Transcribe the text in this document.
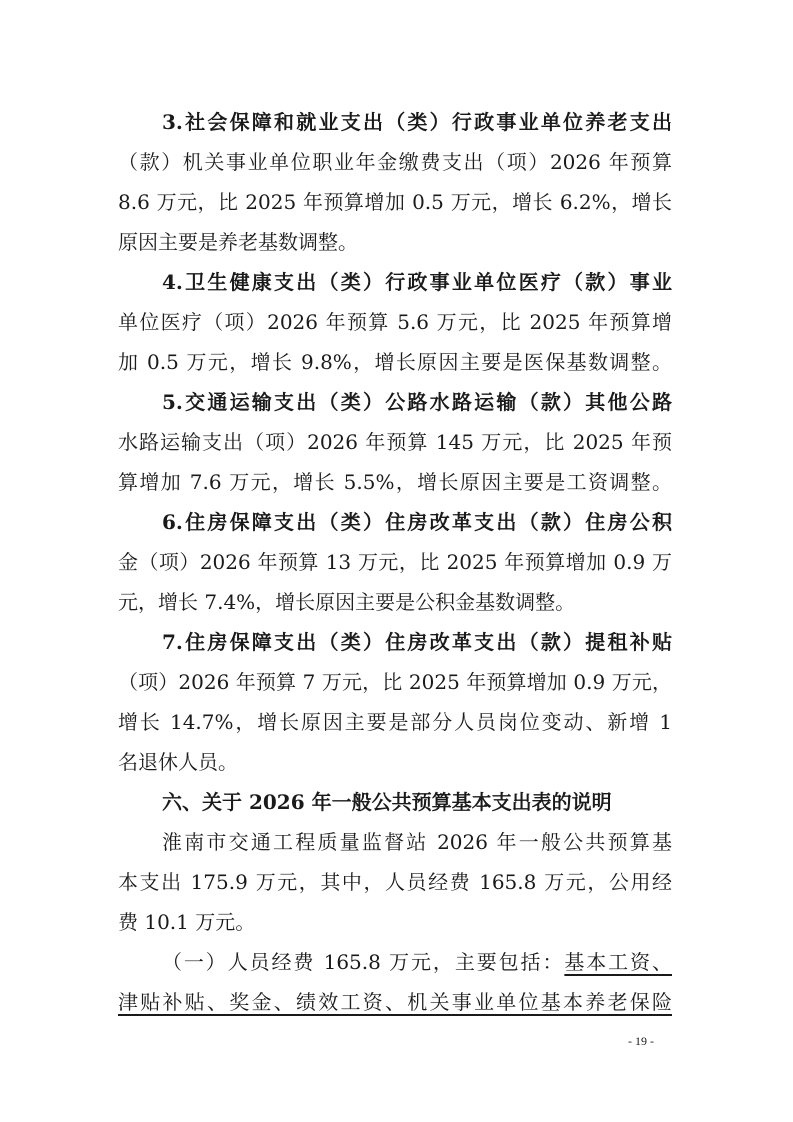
3.社会保障和就业支出（类）行政事业单位养老支出
（款）机关事业单位职业年金缴费支出（项）2026 年预算
8.6 万元，比 2025 年预算增加 0.5 万元，增长 6.2%，增长
原因主要是养老基数调整。
4.卫生健康支出（类）行政事业单位医疗（款）事业
单位医疗（项）2026 年预算 5.6 万元，比 2025 年预算增
加 0.5 万元，增长 9.8%，增长原因主要是医保基数调整。
5.交通运输支出（类）公路水路运输（款）其他公路
水路运输支出（项）2026 年预算 145 万元，比 2025 年预
算增加 7.6 万元，增长 5.5%，增长原因主要是工资调整。
6.住房保障支出（类）住房改革支出（款）住房公积
金（项）2026 年预算 13 万元，比 2025 年预算增加 0.9 万
元，增长 7.4%，增长原因主要是公积金基数调整。
7.住房保障支出（类）住房改革支出（款）提租补贴
（项）2026 年预算 7 万元，比 2025 年预算增加 0.9 万元，
增长 14.7%，增长原因主要是部分人员岗位变动、新增 1
名退休人员。
六、关于 2026 年一般公共预算基本支出表的说明
淮南市交通工程质量监督站 2026 年一般公共预算基
本支出 175.9 万元，其中，人员经费 165.8 万元，公用经
费 10.1 万元。
（一）人员经费 165.8 万元，主要包括：基本工资、
津贴补贴、奖金、绩效工资、机关事业单位基本养老保险
- 19 -
